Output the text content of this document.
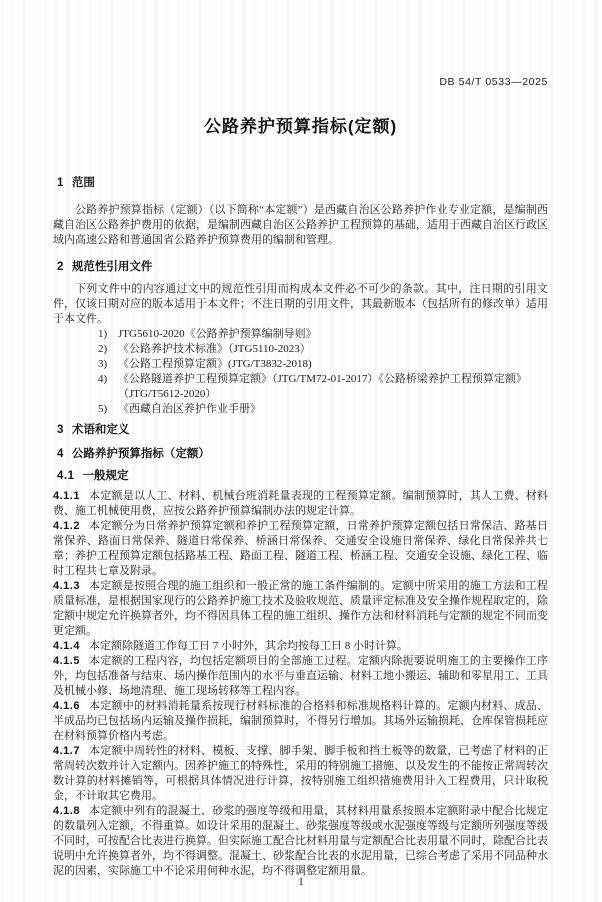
DB 54/T 0533—2025
公路养护预算指标(定额)
1 范围

公路养护预算指标（定额）（以下简称“本定额”）是西藏自治区公路养护作业专业定额，是编制西藏自治区公路养护费用的依据，是编制西藏自治区公路养护工程预算的基础，适用于西藏自治区行政区域内高速公路和普通国省公路养护预算费用的编制和管理。

2 规范性引用文件

下列文件中的内容通过文中的规范性引用而构成本文件必不可少的条款。其中，注日期的引用文件，仅该日期对应的版本适用于本文件；不注日期的引用文件，其最新版本（包括所有的修改单）适用于本文件。

1) JTG5610-2020《公路养护预算编制导则》
2) 《公路养护技术标准》（JTG5110-2023）
3) 《公路工程预算定额》(JTG/T3832-2018)
4) 《公路隧道养护工程预算定额》（JTG/TM72-01-2017）《公路桥梁养护工程预算定额》（JTG/T5612-2020）
5) 《西藏自治区养护作业手册》
3 术语和定义
4 公路养护预算指标（定额）
4.1 一般规定

4.1.1 本定额是以人工、材料、机械台班消耗量表现的工程预算定额。编制预算时，其人工费、材料费、施工机械使用费，应按公路养护预算编制办法的规定计算。

4.1.2 本定额分为日常养护预算定额和养护工程预算定额，日常养护预算定额包括日常保洁、路基日常保养、路面日常保养、隧道日常保养、桥涵日常保养、交通安全设施日常保养、绿化日常保养共七章；养护工程预算定额包括路基工程、路面工程、隧道工程、桥涵工程、交通安全设施、绿化工程、临时工程共七章及附录。

4.1.3 本定额是按照合理的施工组织和一般正常的施工条件编制的。定额中所采用的施工方法和工程质量标准，是根据国家现行的公路养护施工技术及验收规范、质量评定标准及安全操作规程取定的，除定额中规定允许换算者外，均不得因具体工程的施工组织、操作方法和材料消耗与定额的规定不同而变更定额。

4.1.4 本定额除隧道工作每工日 7 小时外，其余均按每工日 8 小时计算。

4.1.5 本定额的工程内容，均包括定额项目的全部施工过程。定额内除扼要说明施工的主要操作工序外，均包括准备与结束、场内操作范围内的水平与垂直运输、材料工地小搬运、辅助和零星用工、工具及机械小修、场地清理、施工现场转移等工程内容。

4.1.6 本定额中的材料消耗量系按现行材料标准的合格料和标准规格料计算的。定额内材料、成品、半成品均已包括场内运输及操作损耗，编制预算时，不得另行增加。其场外运输损耗、仓库保管损耗应在材料预算价格内考虑。

4.1.7 本定额中周转性的材料、模板、支撑、脚手架、脚手板和挡土板等的数量，已考虑了材料的正常周转次数并计入定额内。因养护施工的特殊性，采用的特别施工措施、以及发生的不能按正常周转次数计算的材料摊销等，可根据具体情况进行计算，按特别施工组织措施费用计入工程费用，只计取税金，不计取其它费用。

4.1.8 本定额中列有的混凝土、砂浆的强度等级和用量，其材料用量系按照本定额附录中配合比规定的数量列入定额，不得重算。如设计采用的混凝土、砂浆强度等级或水泥强度等级与定额所列强度等级不同时，可按配合比表进行换算。但实际施工配合比材料用量与定额配合比表用量不同时，除配合比表说明中允许换算者外，均不得调整。混凝土、砂浆配合比表的水泥用量，已综合考虑了采用不同品种水泥的因素，实际施工中不论采用何种水泥，均不得调整定额用量。

1
